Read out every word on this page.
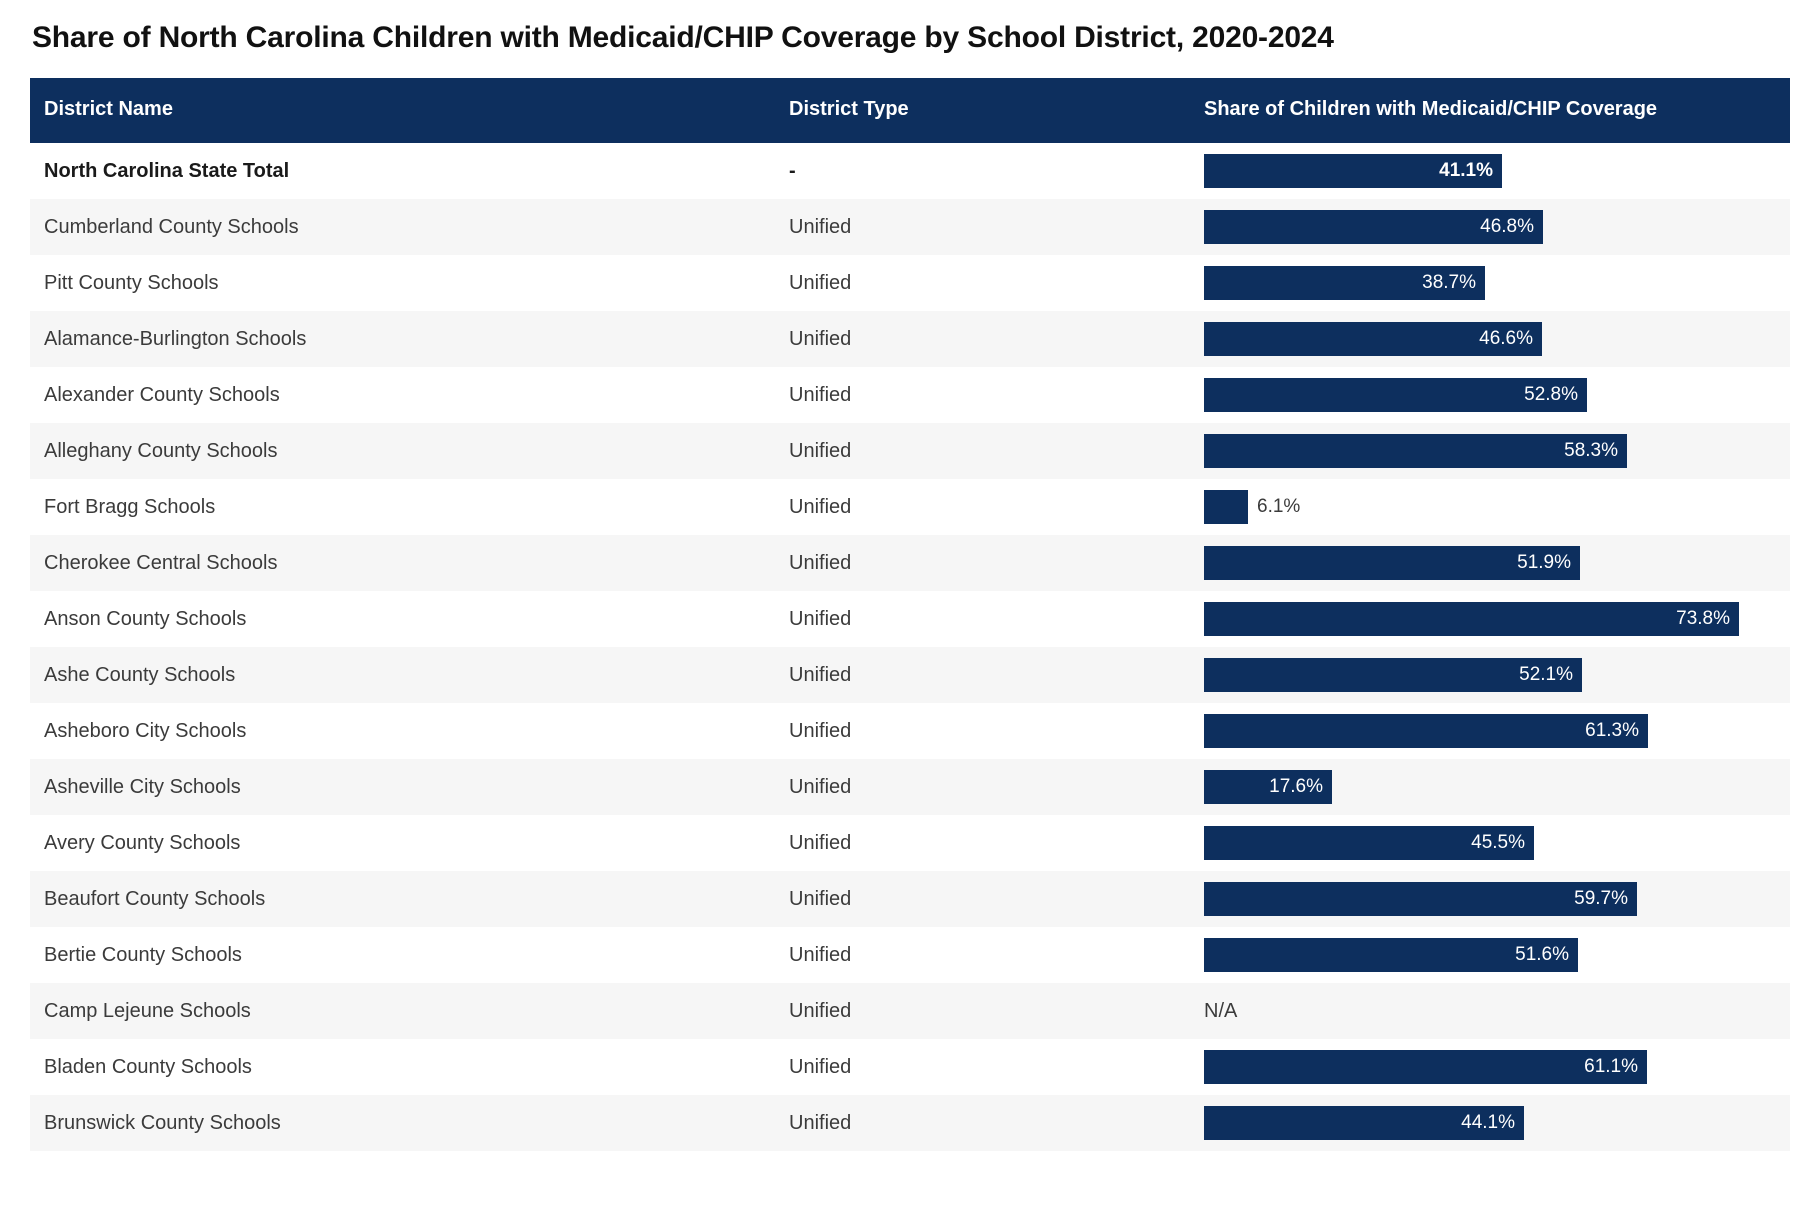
Share of North Carolina Children with Medicaid/CHIP Coverage by School District, 2020-2024
District Name	District Type	Share of Children with Medicaid/CHIP Coverage
North Carolina State Total	-	41.1%

Cumberland County Schools	Unified	46.8%

Pitt County Schools	Unified	38.7%

Alamance-Burlington Schools	Unified	46.6%

Alexander County Schools	Unified	52.8%

Alleghany County Schools	Unified	58.3%

Fort Bragg Schools	Unified	6.1%

Cherokee Central Schools	Unified	51.9%

Anson County Schools	Unified	73.8%

Ashe County Schools	Unified	52.1%

Asheboro City Schools	Unified	61.3%

Asheville City Schools	Unified	17.6%

Avery County Schools	Unified	45.5%

Beaufort County Schools	Unified	59.7%

Bertie County Schools	Unified	51.6%

Camp Lejeune Schools	Unified	N/A
Bladen County Schools	Unified	61.1%

Brunswick County Schools	Unified	44.1%
